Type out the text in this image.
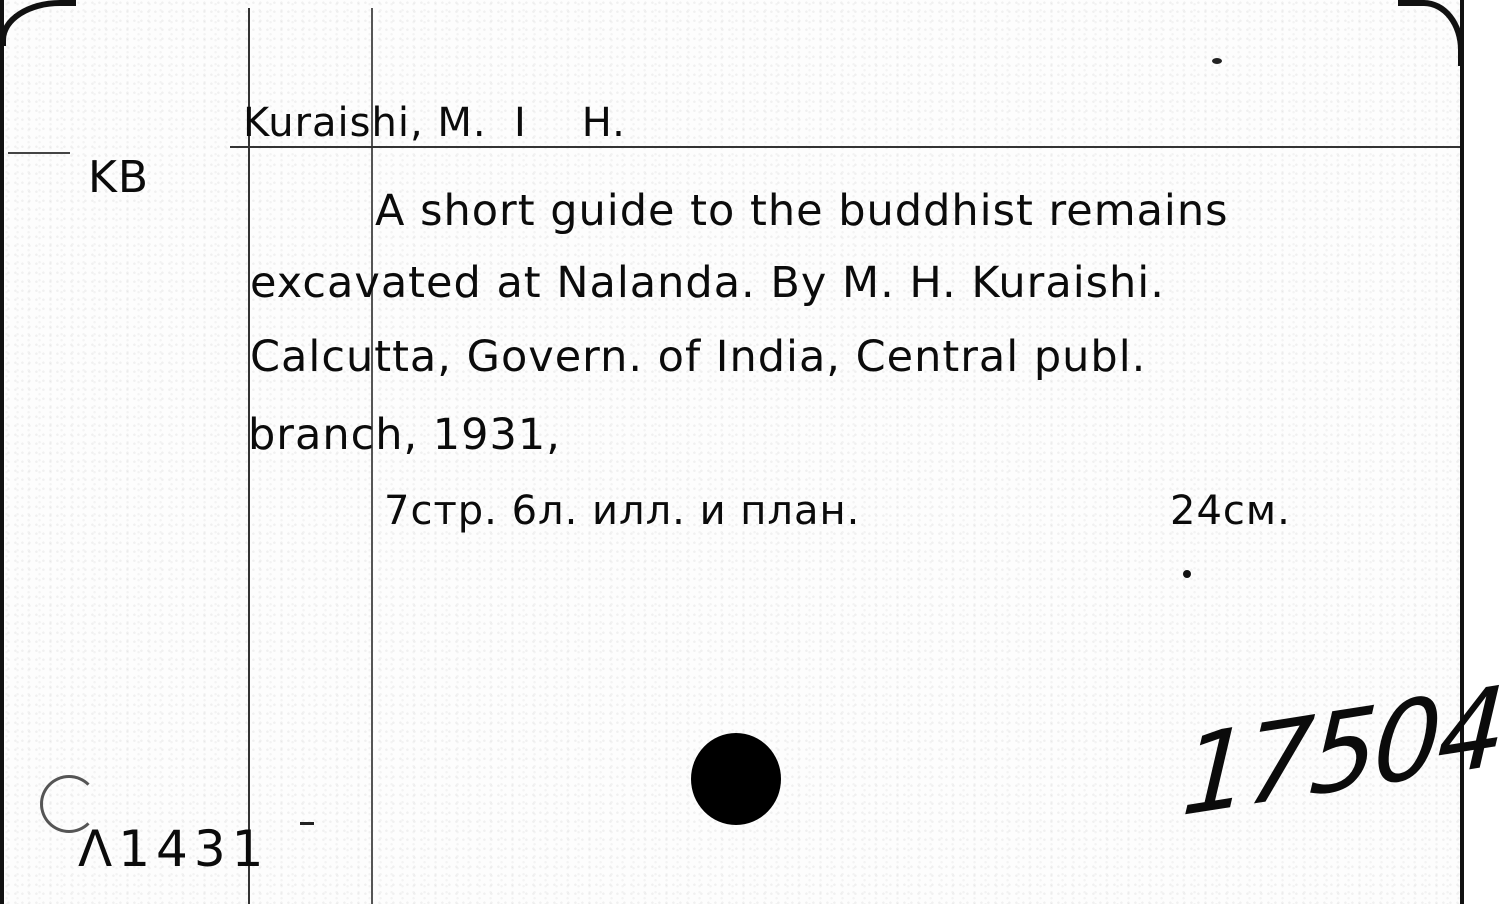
KB
Kuraishi, M.  I    H.
A short guide to the buddhist remains
excavated at Nalanda. By M. H. Kuraishi.
Calcutta, Govern. of India, Central publ.
branch, 1931,
7стр. 6л. илл. и план.	24см.
Λ1431
17504
